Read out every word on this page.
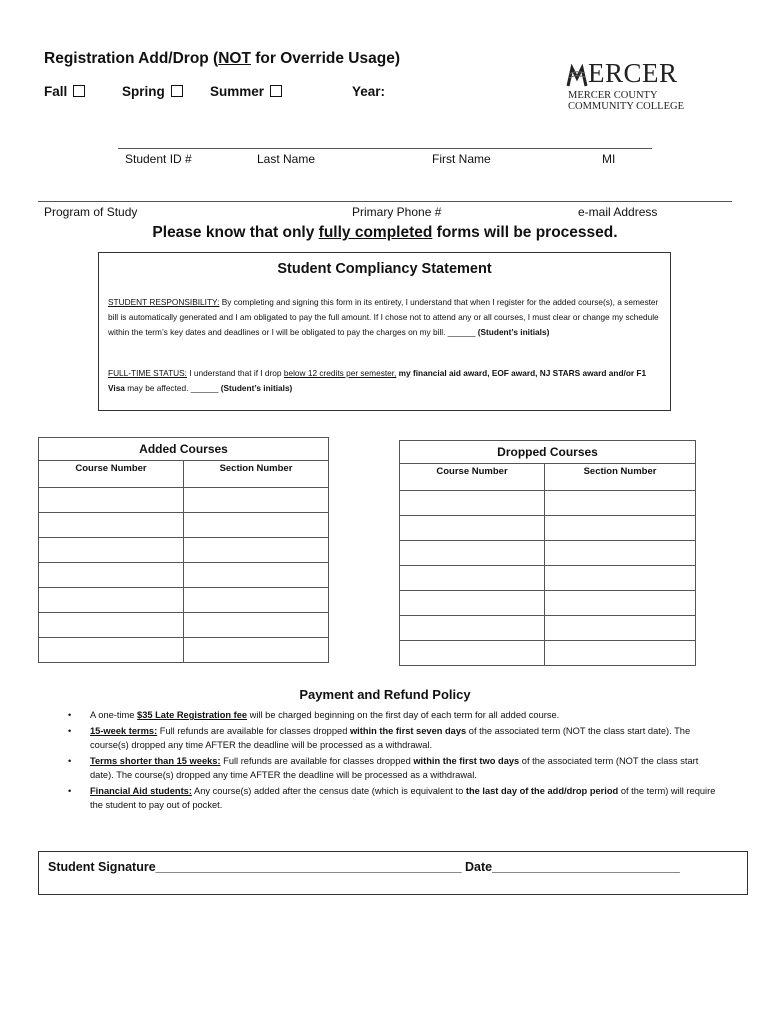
Registration Add/Drop (NOT for Override Usage)
Fall	Spring	Summer	Year:
ERCER
MERCER COUNTY
COMMUNITY COLLEGE
Student ID #	Last Name	First Name	MI
Program of Study	Primary Phone #	e-mail Address
Please know that only fully completed forms will be processed.
Student Compliancy Statement
STUDENT RESPONSIBILITY: By completing and signing this form in its entirety, I understand that when I register for the added course(s), a semester bill is automatically generated and I am obligated to pay the full amount. If I chose not to attend any or all courses, I must clear or change my schedule within the term’s key dates and deadlines or I will be obligated to pay the charges on my bill. ______ (Student’s initials)
FULL-TIME STATUS: I understand that if I drop below 12 credits per semester, my financial aid award, EOF award, NJ STARS award and/or F1 Visa may be affected. ______ (Student’s initials)
Added Courses	
Course Number	Section Number

Dropped Courses	
Course Number	Section Number

Payment and Refund Policy
• A one-time $35 Late Registration fee will be charged beginning on the first day of each term for all added course.
• 15-week terms: Full refunds are available for classes dropped within the first seven days of the associated term (NOT the class start date). The course(s) dropped any time AFTER the deadline will be processed as a withdrawal.
• Terms shorter than 15 weeks: Full refunds are available for classes dropped within the first two days of the associated term (NOT the class start date). The course(s) dropped any time AFTER the deadline will be processed as a withdrawal.
• Financial Aid students: Any course(s) added after the census date (which is equivalent to the last day of the add/drop period of the term) will require the student to pay out of pocket.
Student Signature____________________________________________ Date___________________________
